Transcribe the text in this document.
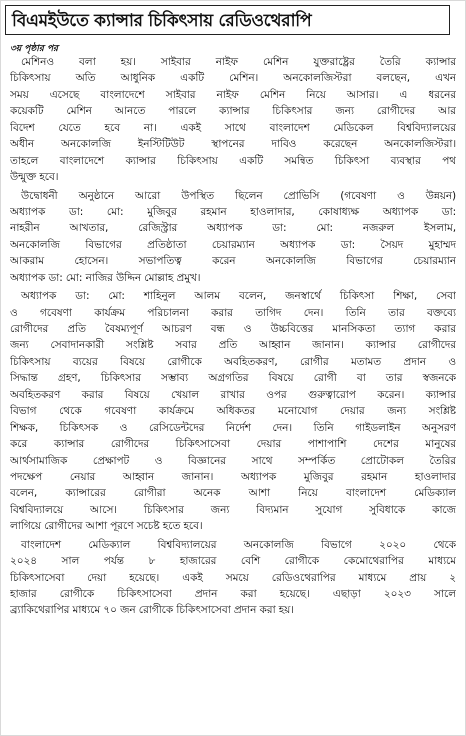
বিএমইউতে ক্যান্সার চিকিৎসায় রেডিওথেরাপি
৩য় পৃষ্ঠার পর
মেশিনও বলা হয়। সাইবার নাইফ মেশিন যুক্তরাষ্ট্রের তৈরি ক্যান্সার
চিকিৎসায় অতি আধুনিক একটি মেশিন। অনকোলজিস্টরা বলছেন, এখন
সময় এসেছে বাংলাদেশে সাইবার নাইফ মেশিন নিয়ে আসার। এ ধরনের
কয়েকটি মেশিন আনতে পারলে ক্যান্সার চিকিৎসার জন্য রোগীদের আর
বিদেশ যেতে হবে না। একই সাথে বাংলাদেশ মেডিকেল বিশ্ববিদ্যালয়ের
অধীন অনকোলজি ইনস্টিটিউট স্থাপনের দাবিও করেছেন অনকোলজিস্টরা।
তাহলে বাংলাদেশে ক্যান্সার চিকিৎসায় একটি সমন্বিত চিকিৎসা ব্যবস্থার পথ
উন্মুক্ত হবে।
উদ্বোধনী অনুষ্ঠানে আরো উপস্থিত ছিলেন প্রোভিসি (গবেষণা ও উন্নয়ন)
অধ্যাপক ডা: মো: মুজিবুর রহমান হাওলাদার, কোষাধ্যক্ষ অধ্যাপক ডা:
নাহরীন আখতার, রেজিস্ট্রার অধ্যাপক ডা: মো: নজরুল ইসলাম,
অনকোলজি বিভাগের প্রতিষ্ঠাতা চেয়ারম্যান অধ্যাপক ডা: সৈয়দ মুহাম্মদ
আকরাম হোসেন। সভাপতিত্ব করেন অনকোলজি বিভাগের চেয়ারম্যান
অধ্যাপক ডা: মো: নাজির উদ্দিন মোল্লাহ প্রমুখ।
অধ্যাপক ডা: মো: শাহিনুল আলম বলেন, জনস্বার্থে চিকিৎসা শিক্ষা, সেবা
ও গবেষণা কার্যক্রম পরিচালনা করার তাগিদ দেন। তিনি তার বক্তব্যে
রোগীদের প্রতি বৈষম্যপূর্ণ আচরণ বন্ধ ও উচ্চবিত্তের মানসিকতা ত্যাগ করার
জন্য সেবাদানকারী সংশ্লিষ্ট সবার প্রতি আহ্বান জানান। ক্যান্সার রোগীদের
চিকিৎসায় ব্যয়ের বিষয়ে রোগীকে অবহিতকরণ, রোগীর মতামত প্রদান ও
সিদ্ধান্ত গ্রহণ, চিকিৎসার সম্ভাব্য অগ্রগতির বিষয়ে রোগী বা তার স্বজনকে
অবহিতকরণ করার বিষয়ে খেয়াল রাখার ওপর গুরুত্বারোপ করেন। ক্যান্সার
বিভাগ থেকে গবেষণা কার্যক্রমে অধিকতর মনোযোগ দেয়ার জন্য সংশ্লিষ্ট
শিক্ষক, চিকিৎসক ও রেসিডেন্টদের নির্দেশ দেন। তিনি গাইডলাইন অনুসরণ
করে ক্যান্সার রোগীদের চিকিৎসাসেবা দেয়ার পাশাপাশি দেশের মানুষের
আর্থসামাজিক প্রেক্ষাপট ও বিজ্ঞানের সাথে সম্পর্কিত প্রোটোকল তৈরির
পদক্ষেপ নেয়ার আহ্বান জানান। অধ্যাপক মুজিবুর রহমান হাওলাদার
বলেন, ক্যান্সারের রোগীরা অনেক আশা নিয়ে বাংলাদেশ মেডিক্যাল
বিশ্ববিদ্যালয়ে আসে। চিকিৎসার জন্য বিদ্যমান সুযোগ সুবিধাকে কাজে
লাগিয়ে রোগীদের আশা পূরণে সচেষ্ট হতে হবে।
বাংলাদেশ মেডিক্যাল বিশ্ববিদ্যালয়ের অনকোলজি বিভাগে ২০২০ থেকে
২০২৪ সাল পর্যন্ত ৮ হাজারের বেশি রোগীকে কেমোথেরাপির মাধ্যমে
চিকিৎসাসেবা দেয়া হয়েছে। একই সময়ে রেডিওথেরাপির মাধ্যমে প্রায় ২
হাজার রোগীকে চিকিৎসাসেবা প্রদান করা হয়েছে। এছাড়া ২০২৩ সালে
ব্র্যাকিথেরাপির মাধ্যমে ৭০ জন রোগীকে চিকিৎসাসেবা প্রদান করা হয়।
